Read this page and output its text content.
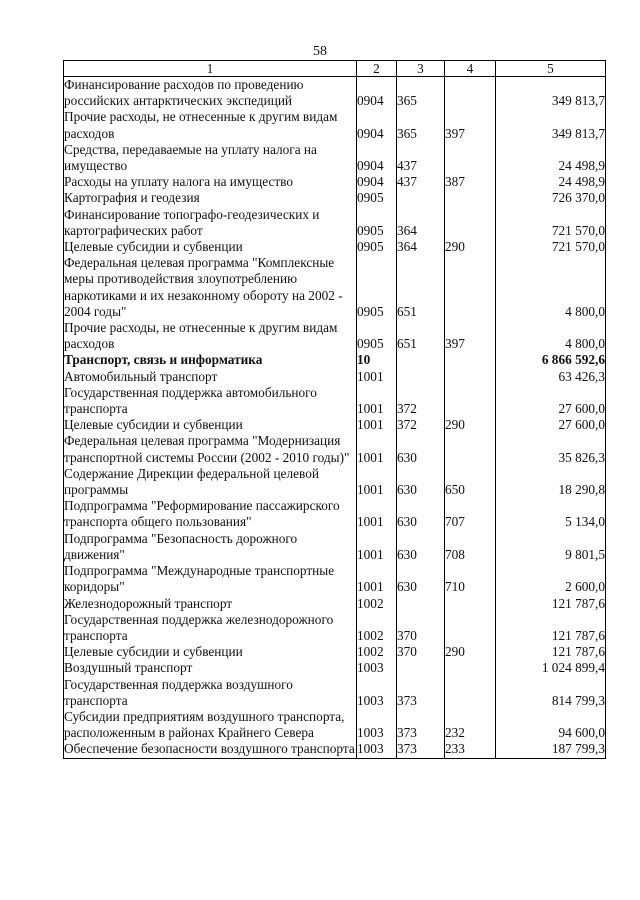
58
1	2	3	4	5
Финансирование расходов по проведению российских антарктических экспедиций	0904	365		349 813,7
Прочие расходы, не отнесенные к другим видам расходов	0904	365	397	349 813,7
Средства, передаваемые на уплату налога на имущество	0904	437		24 498,9
Расходы на уплату налога на имущество	0904	437	387	24 498,9
Картография и геодезия	0905			726 370,0
Финансирование топографо-геодезических и картографических работ	0905	364		721 570,0
Целевые субсидии и субвенции	0905	364	290	721 570,0
Федеральная целевая программа "Комплексные меры противодействия злоупотреблению наркотиками и их незаконному обороту на 2002 - 2004 годы"	0905	651		4 800,0
Прочие расходы, не отнесенные к другим видам расходов	0905	651	397	4 800,0
Транспорт, связь и информатика	10			6 866 592,6
Автомобильный транспорт	1001			63 426,3
Государственная поддержка автомобильного транспорта	1001	372		27 600,0
Целевые субсидии и субвенции	1001	372	290	27 600,0
Федеральная целевая программа "Модернизация транспортной системы России (2002 - 2010 годы)"	1001	630		35 826,3
Содержание Дирекции федеральной целевой программы	1001	630	650	18 290,8
Подпрограмма "Реформирование пассажирского транспорта общего пользования"	1001	630	707	5 134,0
Подпрограмма "Безопасность дорожного движения"	1001	630	708	9 801,5
Подпрограмма "Международные транспортные коридоры"	1001	630	710	2 600,0
Железнодорожный транспорт	1002			121 787,6
Государственная поддержка железнодорожного транспорта	1002	370		121 787,6
Целевые субсидии и субвенции	1002	370	290	121 787,6
Воздушный транспорт	1003			1 024 899,4
Государственная поддержка воздушного транспорта	1003	373		814 799,3
Субсидии предприятиям воздушного транспорта, расположенным в районах Крайнего Севера	1003	373	232	94 600,0
Обеспечение безопасности воздушного транспорта	1003	373	233	187 799,3
